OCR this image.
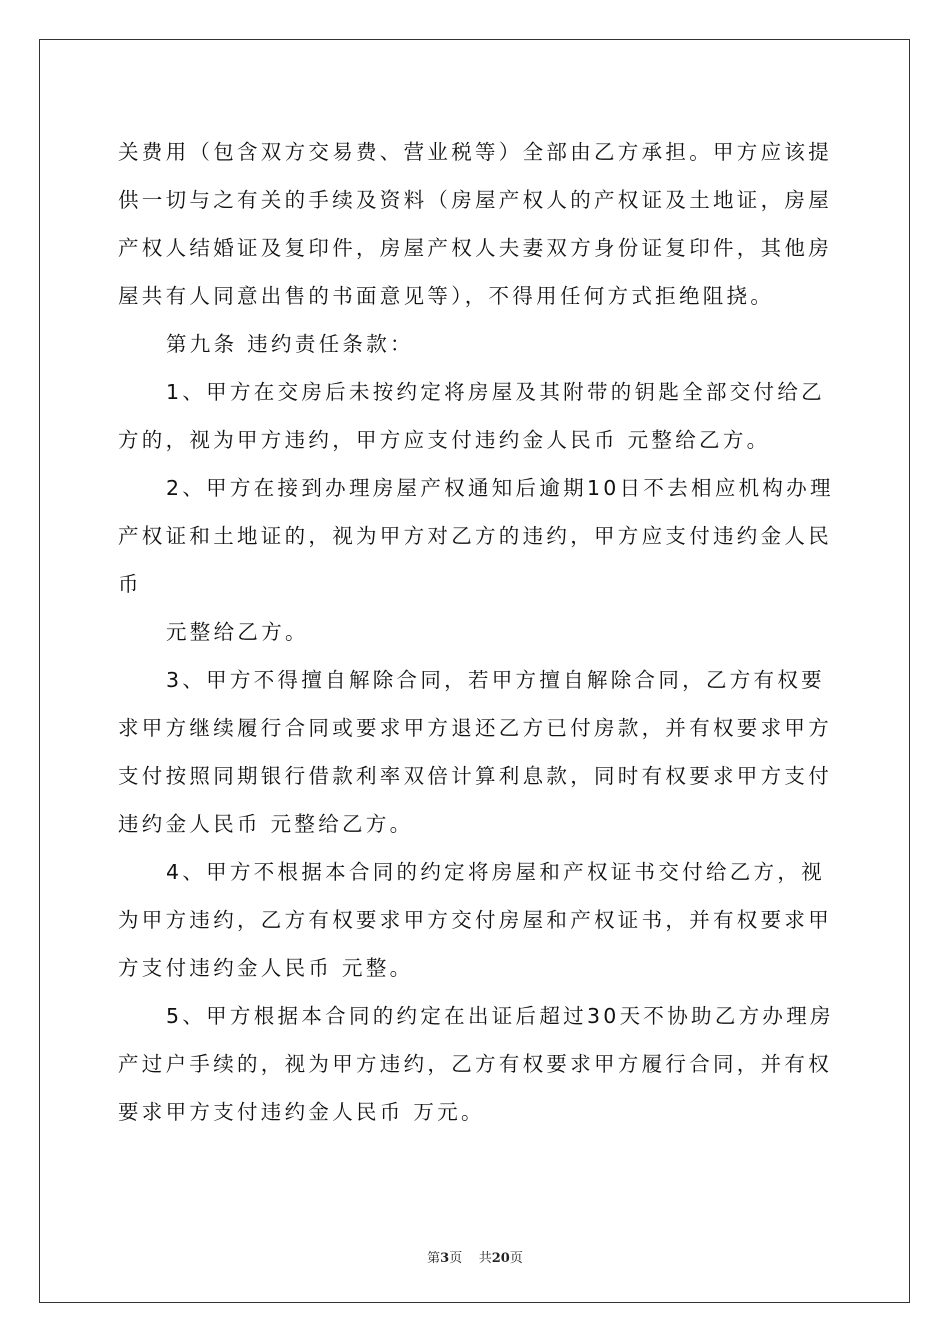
关费用（包含双方交易费、营业税等）全部由乙方承担。甲方应该提
供一切与之有关的手续及资料（房屋产权人的产权证及土地证，房屋
产权人结婚证及复印件，房屋产权人夫妻双方身份证复印件，其他房
屋共有人同意出售的书面意见等），不得用任何方式拒绝阻挠。
第九条 违约责任条款：
1、甲方在交房后未按约定将房屋及其附带的钥匙全部交付给乙
方的，视为甲方违约，甲方应支付违约金人民币 元整给乙方。
2、甲方在接到办理房屋产权通知后逾期10日不去相应机构办理
产权证和土地证的，视为甲方对乙方的违约，甲方应支付违约金人民
币
元整给乙方。
3、甲方不得擅自解除合同，若甲方擅自解除合同，乙方有权要
求甲方继续履行合同或要求甲方退还乙方已付房款，并有权要求甲方
支付按照同期银行借款利率双倍计算利息款，同时有权要求甲方支付
违约金人民币 元整给乙方。
4、甲方不根据本合同的约定将房屋和产权证书交付给乙方，视
为甲方违约，乙方有权要求甲方交付房屋和产权证书，并有权要求甲
方支付违约金人民币 元整。
5、甲方根据本合同的约定在出证后超过30天不协助乙方办理房
产过户手续的，视为甲方违约，乙方有权要求甲方履行合同，并有权
要求甲方支付违约金人民币 万元。
第3页 共20页
